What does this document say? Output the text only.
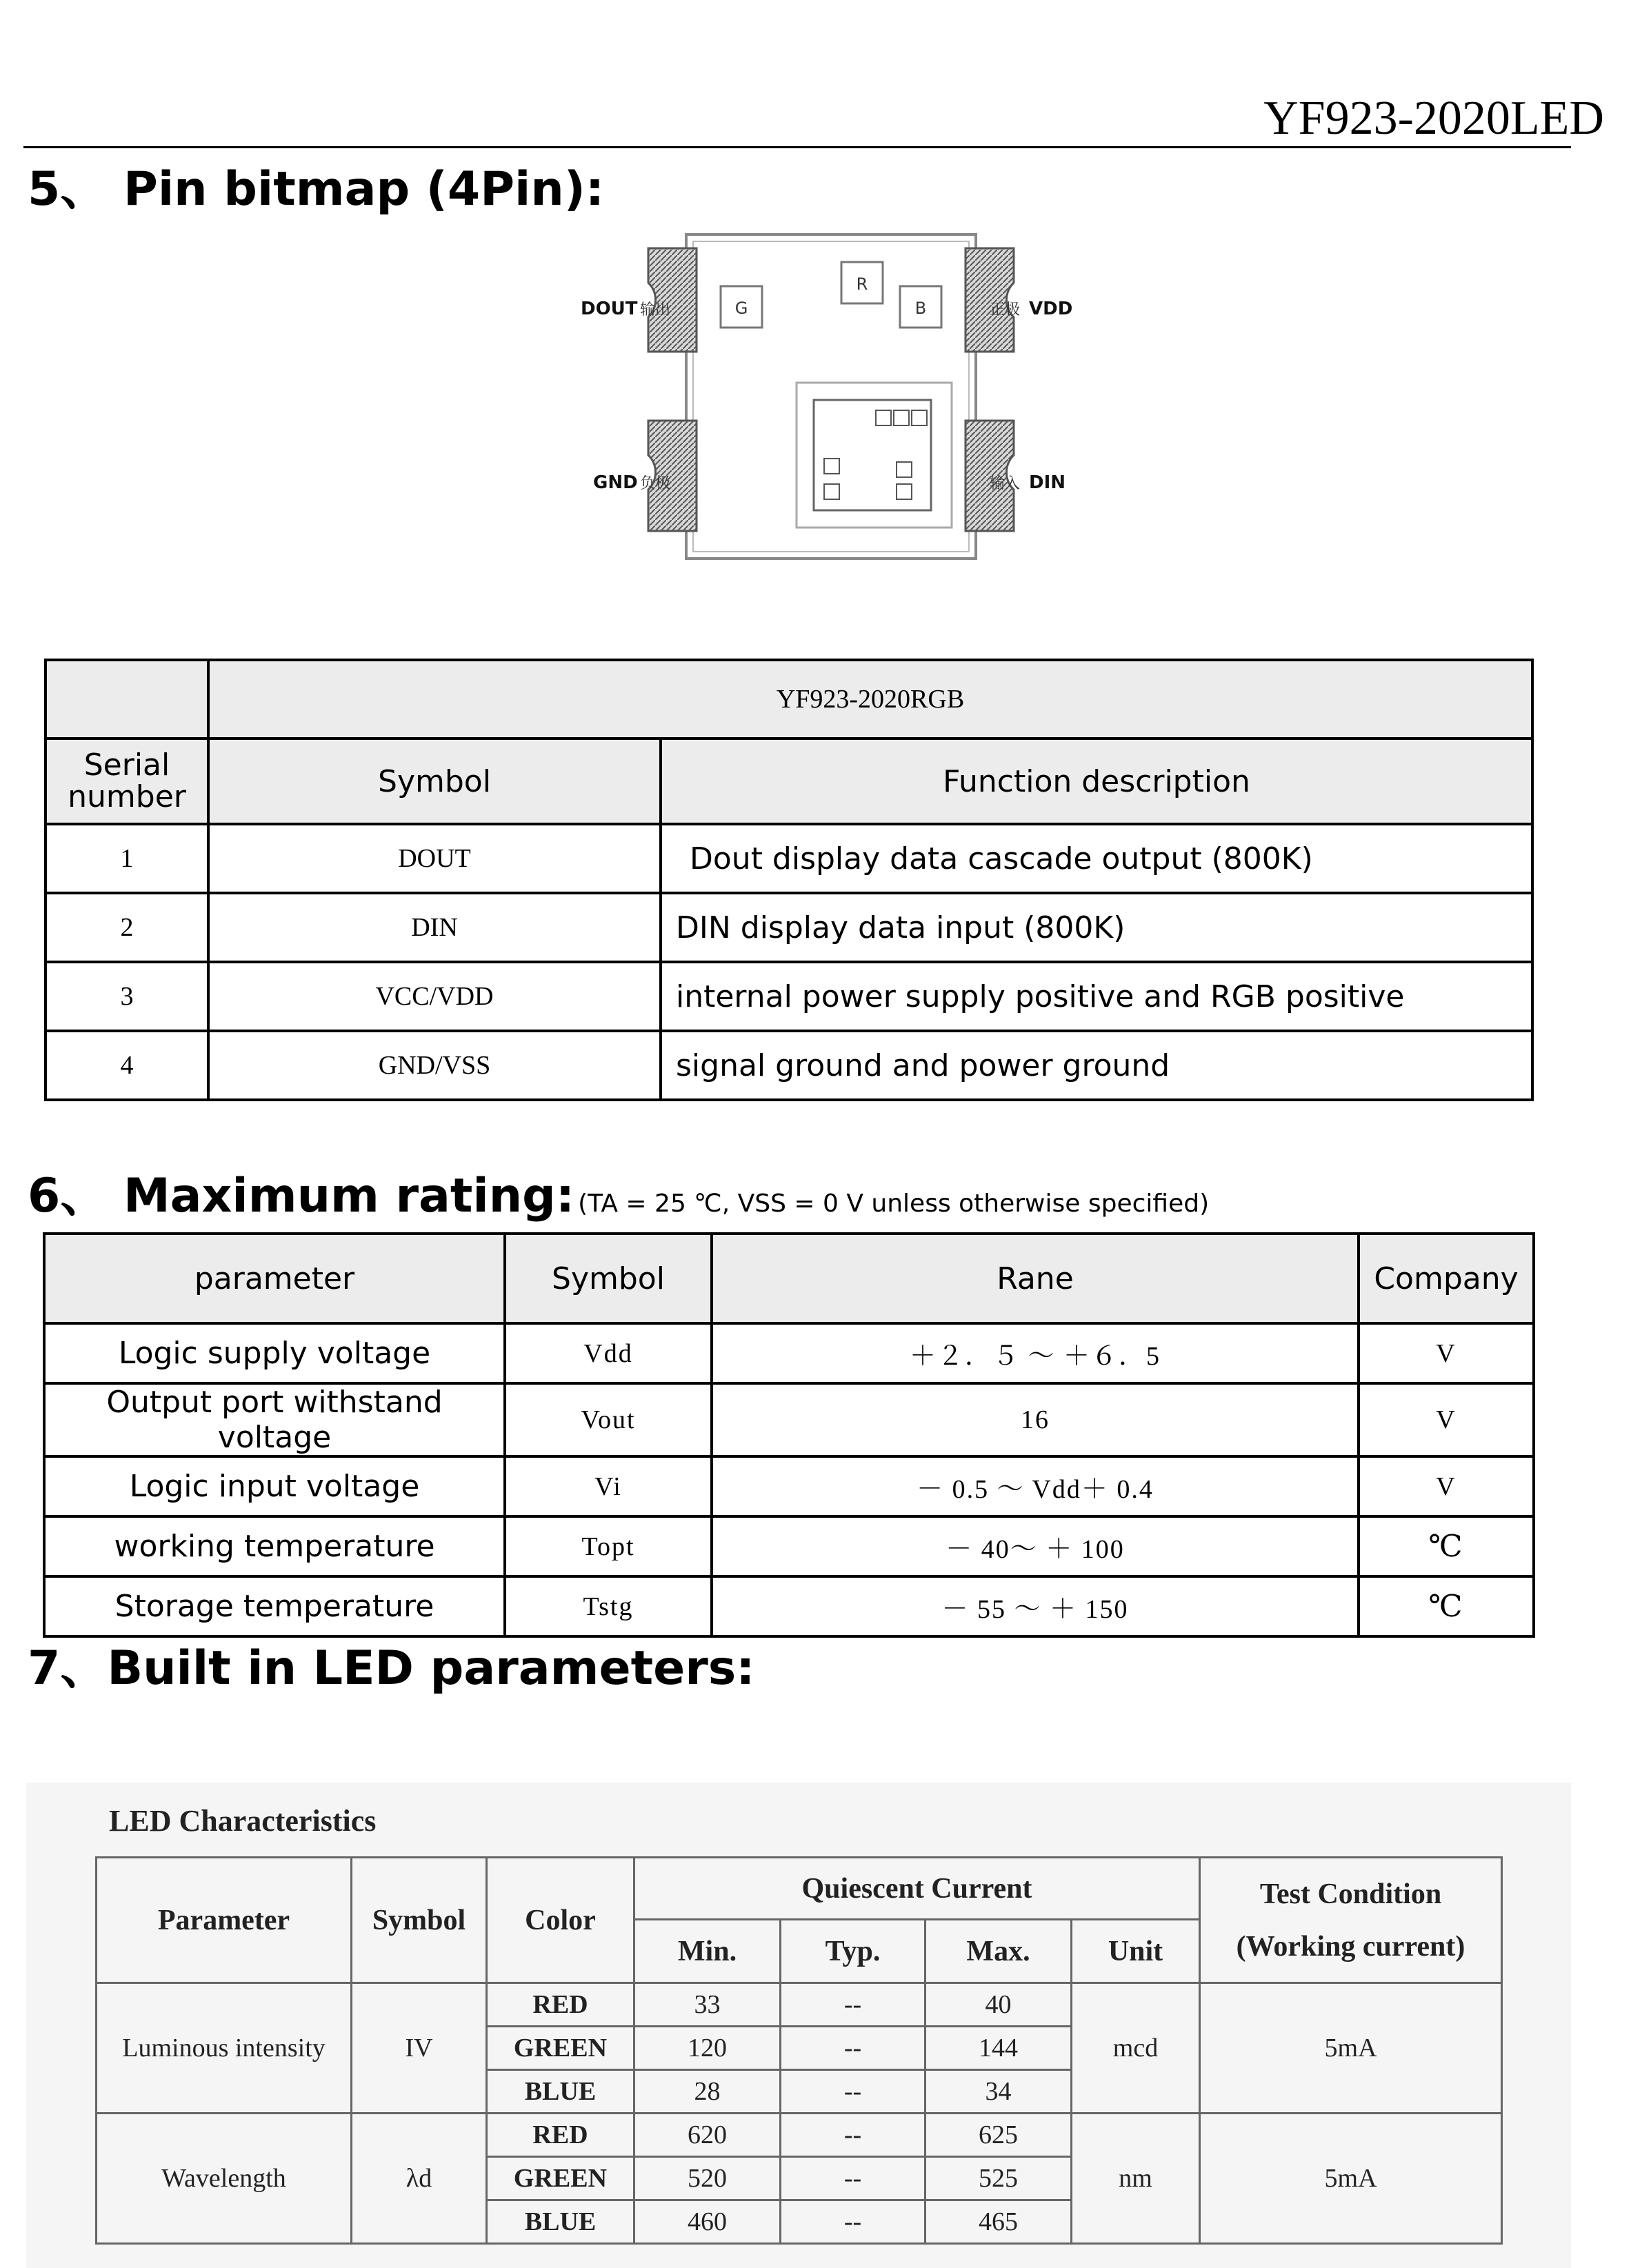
YF923-2020LED
5、 Pin bitmap (4Pin):
G
R
B
DOUT 输出
GND 负极
正极 VDD
输入 DIN
	YF923-2020RGB	
Serial number	Symbol	Function description
1	DOUT	Dout display data cascade output (800K)
2	DIN	DIN display data input (800K)
3	VCC/VDD	internal power supply positive and RGB positive
4	GND/VSS	signal ground and power ground
6、 Maximum rating: (TA = 25 ℃, VSS = 0 V unless otherwise specified)
parameter	Symbol	Rane	Company
Logic supply voltage	Vdd	＋２．５ ～ ＋６．5	V
Output port withstand voltage	Vout	16	V
Logic input voltage	Vi	－ 0.5 ～ Vdd＋ 0.4	V
working temperature	Topt	－ 40～ ＋ 100	℃
Storage temperature	Tstg	－ 55 ～ ＋ 150	℃
7、Built in LED parameters:
LED Characteristics
Parameter	Symbol	Color	Quiescent Current				Test Condition
(Working current)

			Min.	Typ.	Max.	Unit	
Luminous intensity	IV	RED	33	--	40	mcd	5mA
		GREEN	120	--	144		
		BLUE	28	--	34		
Wavelength	λd	RED	620	--	625	nm	5mA
		GREEN	520	--	525		
		BLUE	460	--	465		
